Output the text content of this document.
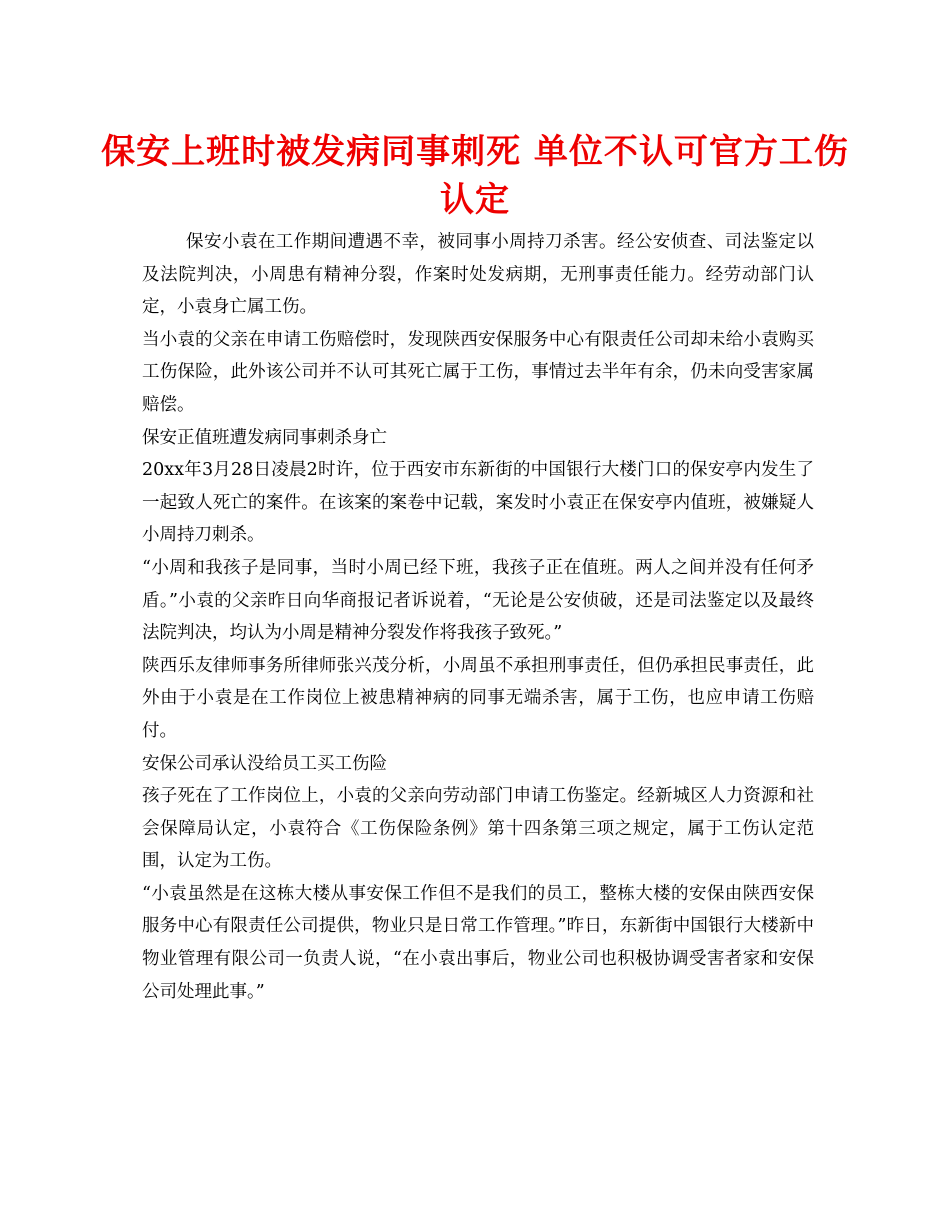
保安上班时被发病同事刺死 单位不认可官方工伤认定

保安小袁在工作期间遭遇不幸，被同事小周持刀杀害。经公安侦查、司法鉴定以及法院判决，小周患有精神分裂，作案时处发病期，无刑事责任能力。经劳动部门认定，小袁身亡属工伤。

当小袁的父亲在申请工伤赔偿时，发现陕西安保服务中心有限责任公司却未给小袁购买工伤保险，此外该公司并不认可其死亡属于工伤，事情过去半年有余，仍未向受害家属赔偿。

保安正值班遭发病同事刺杀身亡

20xx年3月28日凌晨2时许，位于西安市东新街的中国银行大楼门口的保安亭内发生了一起致人死亡的案件。在该案的案卷中记载，案发时小袁正在保安亭内值班，被嫌疑人小周持刀刺杀。

“小周和我孩子是同事，当时小周已经下班，我孩子正在值班。两人之间并没有任何矛盾。”小袁的父亲昨日向华商报记者诉说着，“无论是公安侦破，还是司法鉴定以及最终法院判决，均认为小周是精神分裂发作将我孩子致死。”

陕西乐友律师事务所律师张兴茂分析，小周虽不承担刑事责任，但仍承担民事责任，此外由于小袁是在工作岗位上被患精神病的同事无端杀害，属于工伤，也应申请工伤赔付。

安保公司承认没给员工买工伤险

孩子死在了工作岗位上，小袁的父亲向劳动部门申请工伤鉴定。经新城区人力资源和社会保障局认定，小袁符合《工伤保险条例》第十四条第三项之规定，属于工伤认定范围，认定为工伤。

“小袁虽然是在这栋大楼从事安保工作但不是我们的员工，整栋大楼的安保由陕西安保服务中心有限责任公司提供，物业只是日常工作管理。”昨日，东新街中国银行大楼新中物业管理有限公司一负责人说，“在小袁出事后，物业公司也积极协调受害者家和安保公司处理此事。”
